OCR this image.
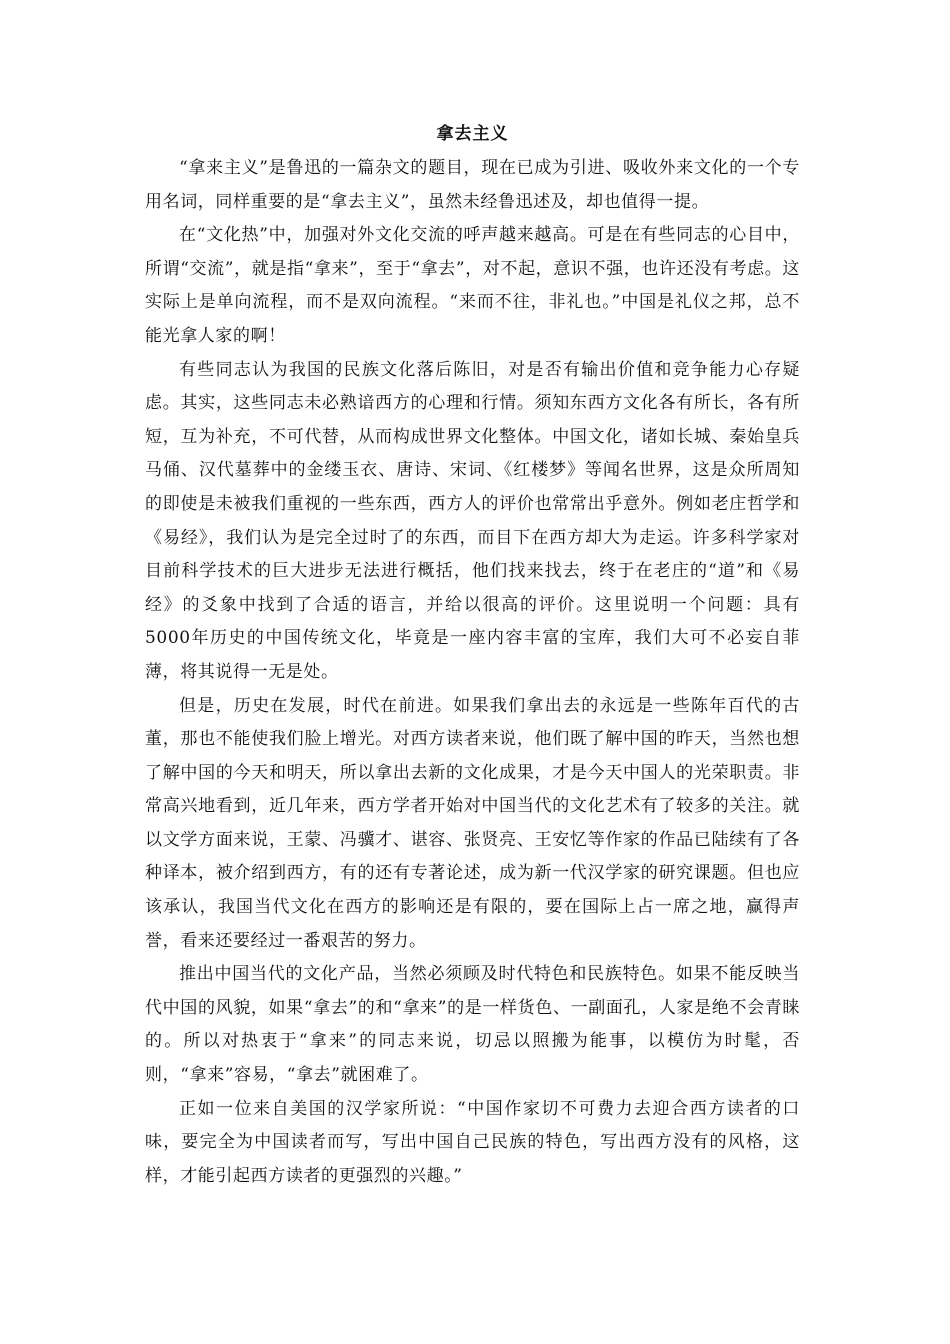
拿去主义

“拿来主义”是鲁迅的一篇杂文的题目，现在已成为引进、吸收外来文化的一个专用名词，同样重要的是“拿去主义”，虽然未经鲁迅述及，却也值得一提。

在“文化热”中，加强对外文化交流的呼声越来越高。可是在有些同志的心目中，所谓“交流”，就是指“拿来”，至于“拿去”，对不起，意识不强，也许还没有考虑。这实际上是单向流程，而不是双向流程。“来而不往，非礼也。”中国是礼仪之邦，总不能光拿人家的啊！

有些同志认为我国的民族文化落后陈旧，对是否有输出价值和竞争能力心存疑虑。其实，这些同志未必熟谙西方的心理和行情。须知东西方文化各有所长，各有所短，互为补充，不可代替，从而构成世界文化整体。中国文化，诸如长城、秦始皇兵马俑、汉代墓葬中的金缕玉衣、唐诗、宋词、《红楼梦》等闻名世界，这是众所周知的即使是未被我们重视的一些东西，西方人的评价也常常出乎意外。例如老庄哲学和《易经》，我们认为是完全过时了的东西，而目下在西方却大为走运。许多科学家对目前科学技术的巨大进步无法进行概括，他们找来找去，终于在老庄的“道”和《易经》的爻象中找到了合适的语言，并给以很高的评价。这里说明一个问题：具有5000年历史的中国传统文化，毕竟是一座内容丰富的宝库，我们大可不必妄自菲薄，将其说得一无是处。

但是，历史在发展，时代在前进。如果我们拿出去的永远是一些陈年百代的古董，那也不能使我们脸上增光。对西方读者来说，他们既了解中国的昨天，当然也想了解中国的今天和明天，所以拿出去新的文化成果，才是今天中国人的光荣职责。非常高兴地看到，近几年来，西方学者开始对中国当代的文化艺术有了较多的关注。就以文学方面来说，王蒙、冯骥才、谌容、张贤亮、王安忆等作家的作品已陆续有了各种译本，被介绍到西方，有的还有专著论述，成为新一代汉学家的研究课题。但也应该承认，我国当代文化在西方的影响还是有限的，要在国际上占一席之地，赢得声誉，看来还要经过一番艰苦的努力。

推出中国当代的文化产品，当然必须顾及时代特色和民族特色。如果不能反映当代中国的风貌，如果“拿去”的和“拿来”的是一样货色、一副面孔，人家是绝不会青睐的。所以对热衷于“拿来”的同志来说，切忌以照搬为能事，以模仿为时髦，否则，“拿来”容易，“拿去”就困难了。

正如一位来自美国的汉学家所说：“中国作家切不可费力去迎合西方读者的口味，要完全为中国读者而写，写出中国自己民族的特色，写出西方没有的风格，这样，才能引起西方读者的更强烈的兴趣。”
